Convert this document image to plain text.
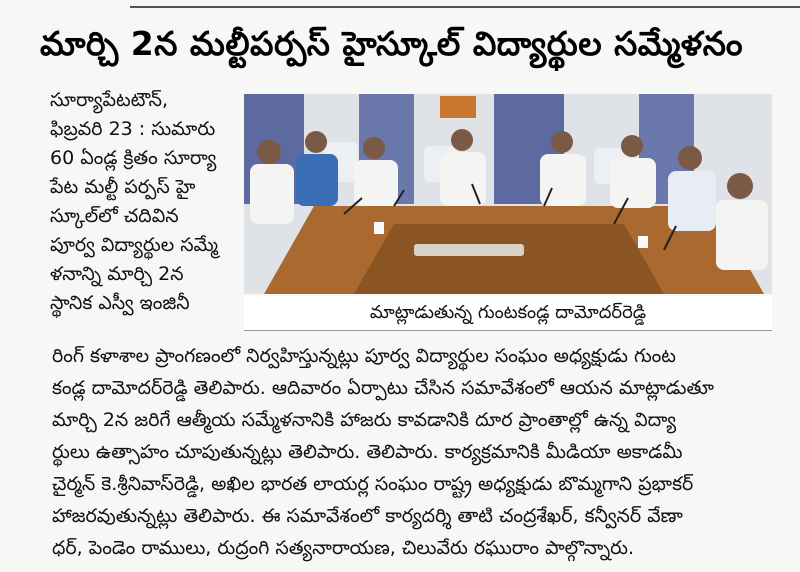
మార్చి 2న మల్టీపర్పస్ హైస్కూల్ విద్యార్థుల సమ్మేళనం
సూర్యాపేటటౌన్,
ఫిబ్రవరి 23 : సుమారు
60 ఏండ్ల క్రితం సూర్యా
పేట మల్టీ పర్పస్ హై
స్కూల్‌లో చదివిన
పూర్వ విద్యార్థుల సమ్మే
ళనాన్ని మార్చి 2న
స్థానిక ఎస్వీ ఇంజినీ	మాట్లాడుతున్న గుంటకండ్ల దామోదర్‌రెడ్డి
రింగ్ కళాశాల ప్రాంగణంలో నిర్వహిస్తున్నట్లు పూర్వ విద్యార్థుల సంఘం అధ్యక్షుడు గుంట
కండ్ల దామోదర్‌రెడ్డి తెలిపారు. ఆదివారం ఏర్పాటు చేసిన సమావేశంలో ఆయన మాట్లాడుతూ
మార్చి 2న జరిగే ఆత్మీయ సమ్మేళనానికి హాజరు కావడానికి దూర ప్రాంతాల్లో ఉన్న విద్యా
ర్థులు ఉత్సాహం చూపుతున్నట్లు తెలిపారు. తెలిపారు. కార్యక్రమానికి మీడియా అకాడమీ
చైర్మన్ కె.శ్రీనివాస్‌రెడ్డి, అఖిల భారత లాయర్ల సంఘం రాష్ట్ర అధ్యక్షుడు బొమ్మగాని ప్రభాకర్
హాజరవుతున్నట్లు తెలిపారు. ఈ సమావేశంలో కార్యదర్శి తాటి చంద్రశేఖర్, కన్వీనర్ వేణా
ధర్, పెండెం రాములు, రుద్రంగి సత్యనారాయణ, చిలువేరు రఘురాం పాల్గొన్నారు.
